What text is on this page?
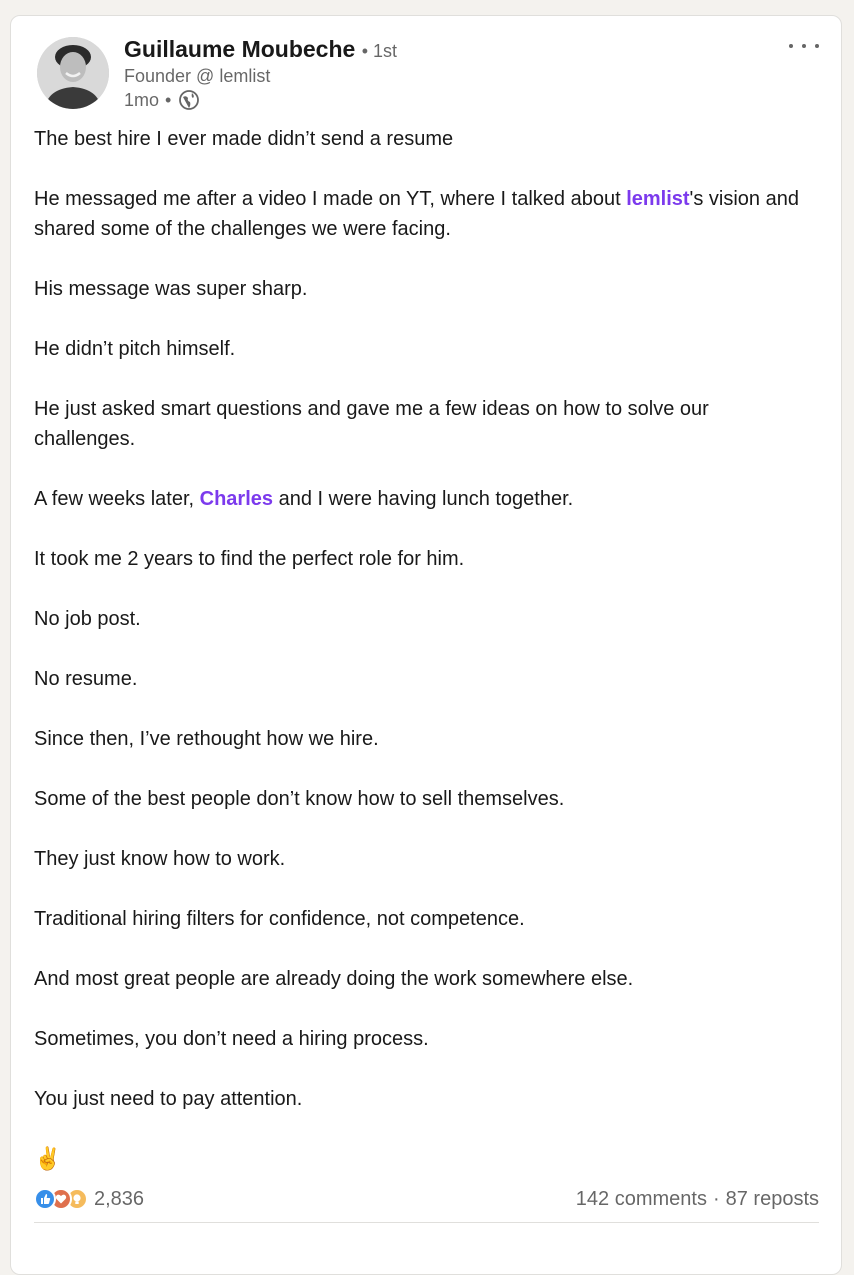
Guillaume Moubeche • 1st
Founder @ lemlist
1mo •

The best hire I ever made didn’t send a resume

He messaged me after a video I made on YT, where I talked about lemlist's vision and shared some of the challenges we were facing.

His message was super sharp.

He didn’t pitch himself.

He just asked smart questions and gave me a few ideas on how to solve our challenges.

A few weeks later, Charles and I were having lunch together.

It took me 2 years to find the perfect role for him.

No job post.

No resume.

Since then, I’ve rethought how we hire.

Some of the best people don’t know how to sell themselves.

They just know how to work.

Traditional hiring filters for confidence, not competence.

And most great people are already doing the work somewhere else.

Sometimes, you don’t need a hiring process.

You just need to pay attention.

✌️
2,836	142 comments · 87 reposts
